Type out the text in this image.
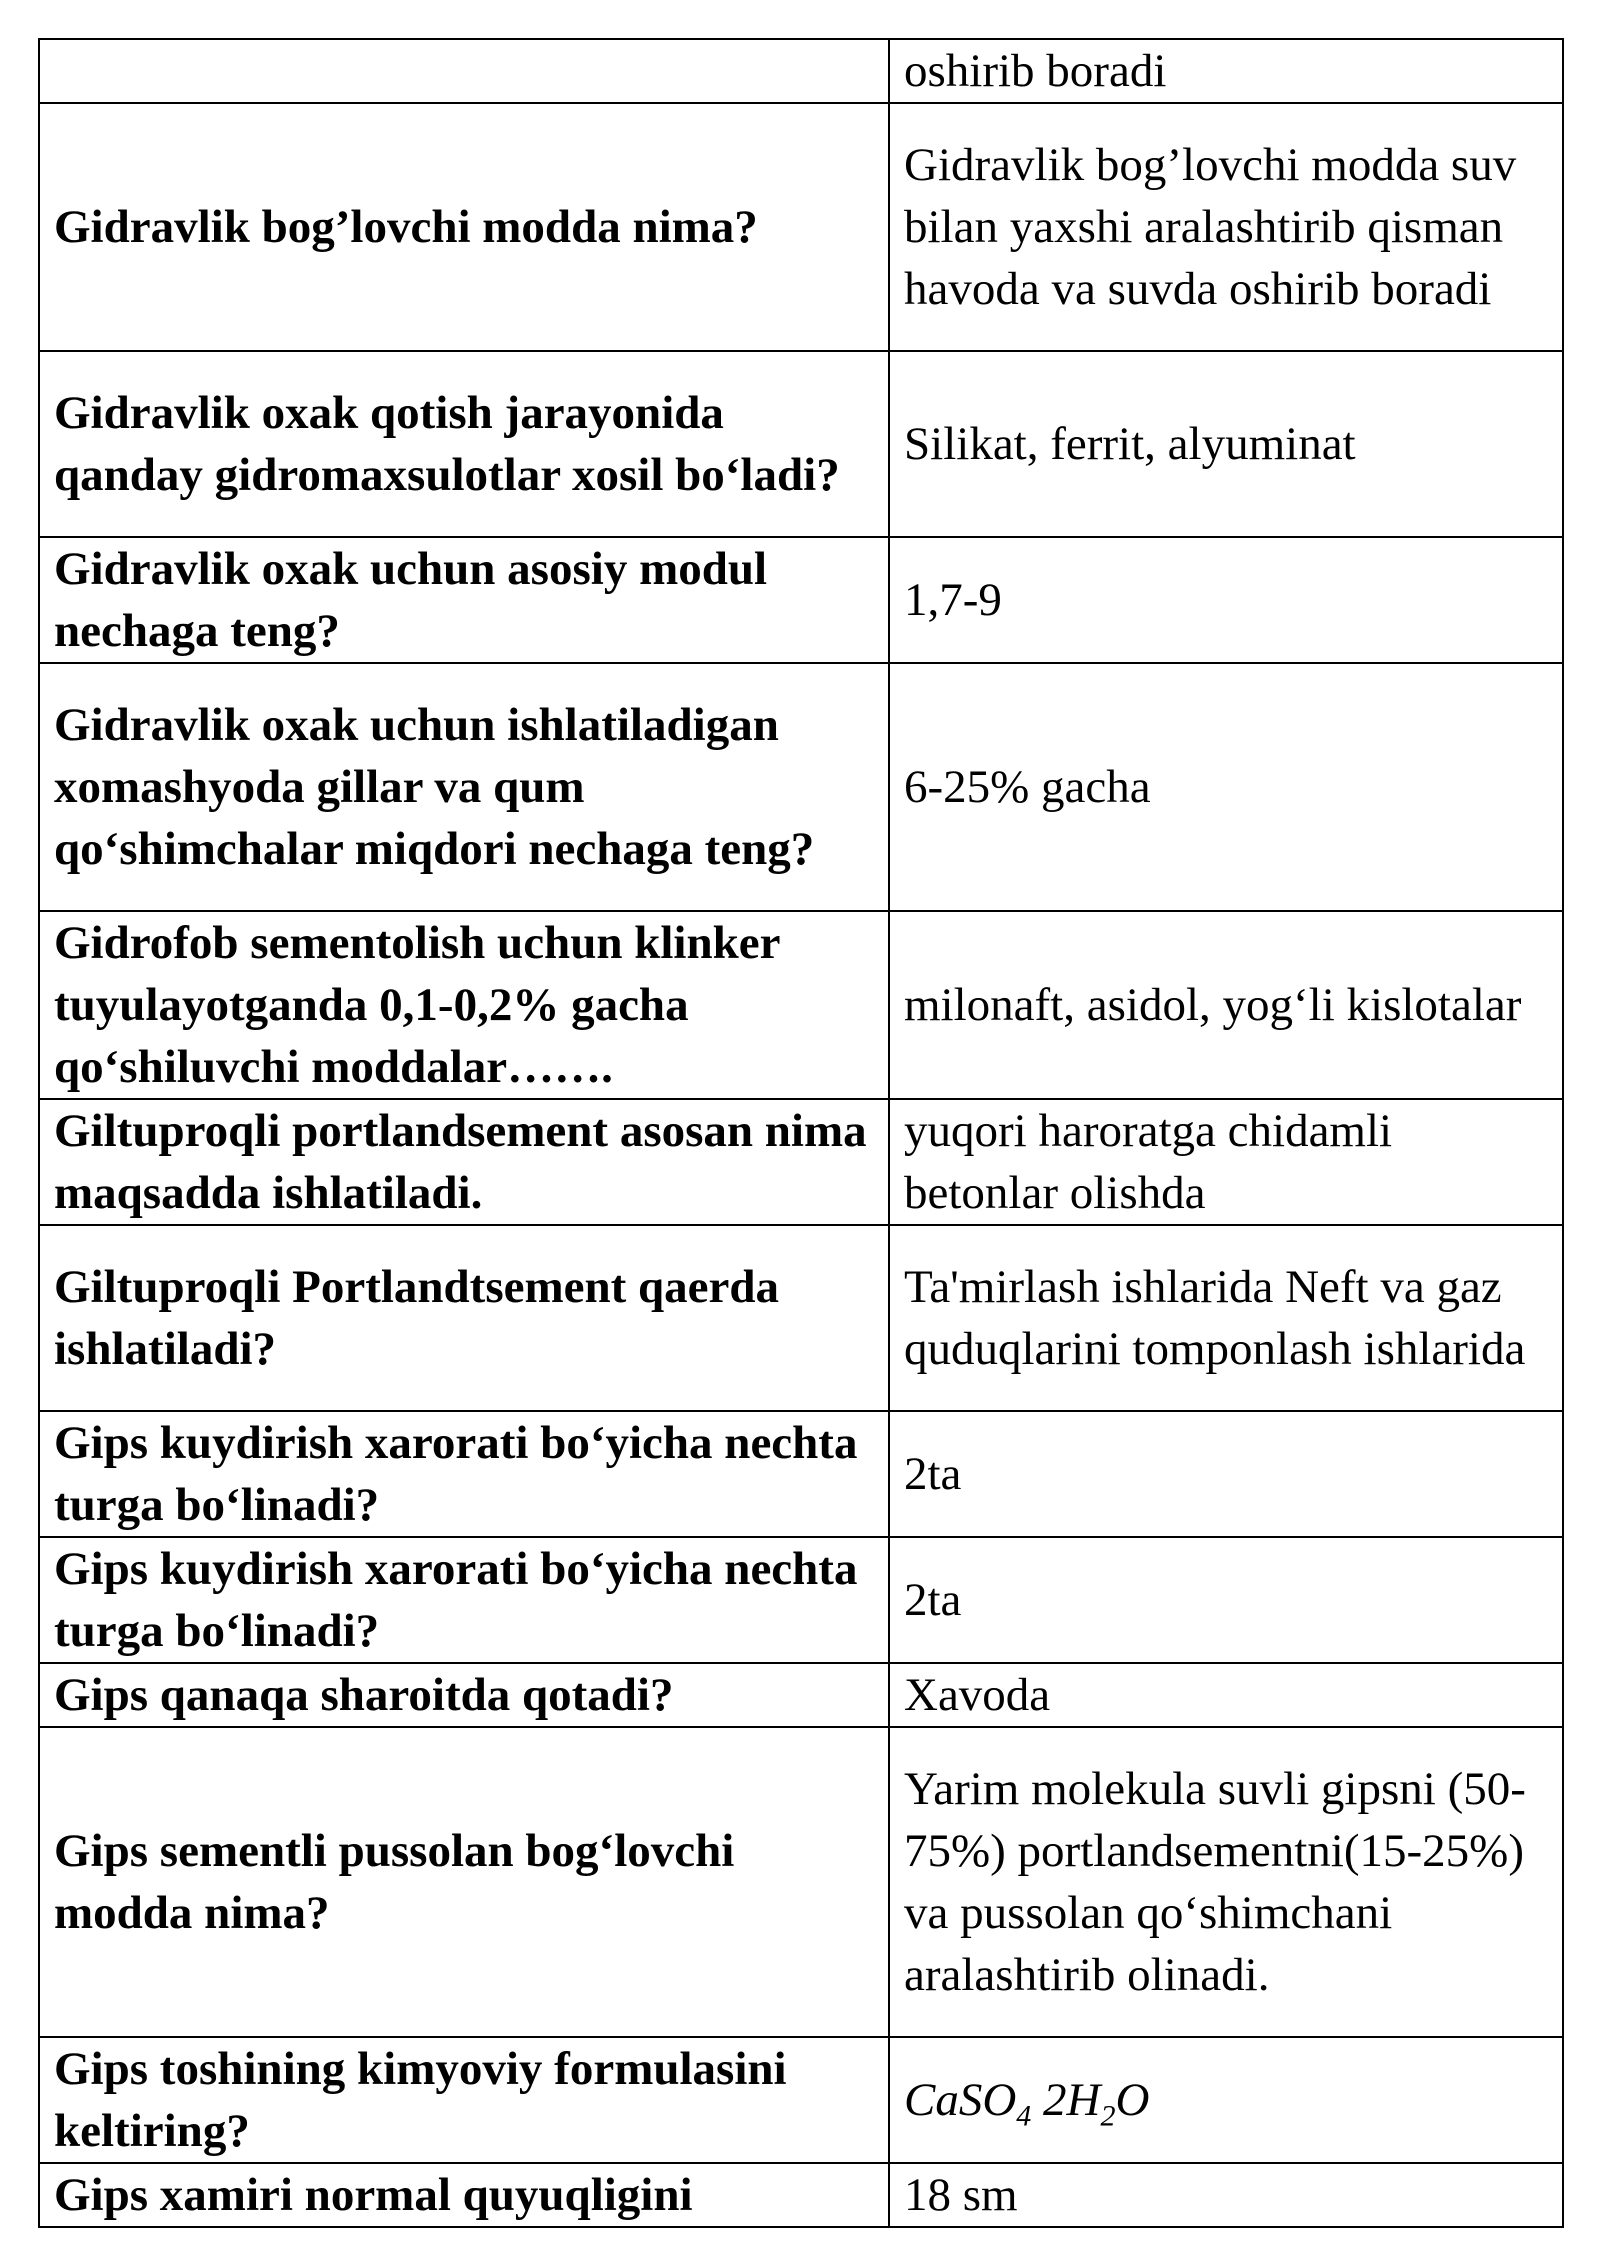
	oshirib boradi
Gidravlik bog’lovchi modda nima?	Gidravlik bog’lovchi modda suv bilan yaxshi aralashtirib qisman havoda va suvda oshirib boradi
Gidravlik oxak qotish jarayonida qanday gidromaxsulotlar xosil bo‘ladi?	Silikat, ferrit, alyuminat
Gidravlik oxak uchun asosiy modul nechaga teng?	1,7-9
Gidravlik oxak uchun ishlatiladigan xomashyoda gillar va qum qo‘shimchalar miqdori nechaga teng?	6-25% gacha
Gidrofob sementolish uchun klinker tuyulayotganda 0,1-0,2% gacha qo‘shiluvchi moddalar…….	milonaft, asidol, yog‘li kislotalar
Giltuproqli portlandsement asosan nima maqsadda ishlatiladi.	yuqori haroratga chidamli betonlar olishda
Giltuproqli Portlandtsement qaerda ishlatiladi?	Ta'mirlash ishlarida Neft va gaz quduqlarini tomponlash ishlarida
Gips kuydirish xarorati bo‘yicha nechta turga bo‘linadi?	2ta
Gips kuydirish xarorati bo‘yicha nechta turga bo‘linadi?	2ta
Gips qanaqa sharoitda qotadi?	Xavoda
Gips sementli pussolan bog‘lovchi modda nima?	Yarim molekula suvli gipsni (50-75%) portlandsementni(15-25%) va pussolan qo‘shimchani aralashtirib olinadi.
Gips toshining kimyoviy formulasini keltiring?	CaSO$_4$ $2H_2O$
Gips xamiri normal quyuqligini	18 sm
